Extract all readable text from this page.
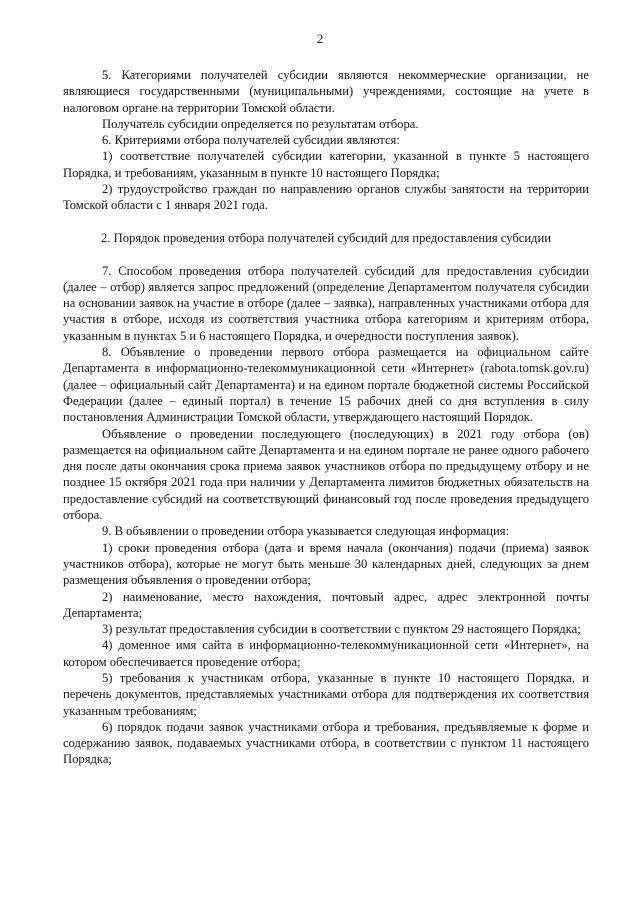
2

5. Категориями получателей субсидии являются некоммерческие организации, не являющиеся государственными (муниципальными) учреждениями, состоящие на учете в налоговом органе на территории Томской области.

Получатель субсидии определяется по результатам отбора.

6. Критериями отбора получателей субсидии являются:

1) соответствие получателей субсидии категории, указанной в пункте 5 настоящего Порядка, и требованиям, указанным в пункте 10 настоящего Порядка;

2) трудоустройство граждан по направлению органов службы занятости на территории Томской области с 1 января 2021 года.

2. Порядок проведения отбора получателей субсидий для предоставления субсидии

7. Способом проведения отбора получателей субсидий для предоставления субсидии (далее – отбор) является запрос предложений (определение Департаментом получателя субсидии на основании заявок на участие в отборе (далее – заявка), направленных участниками отбора для участия в отборе, исходя из соответствия участника отбора категориям и критериям отбора, указанным в пунктах 5 и 6 настоящего Порядка, и очередности поступления заявок).

8. Объявление о проведении первого отбора размещается на официальном сайте Департамента в информационно-телекоммуникационной сети «Интернет» (rabota.tomsk.gov.ru) (далее – официальный сайт Департамента) и на едином портале бюджетной системы Российской Федерации (далее – единый портал) в течение 15 рабочих дней со дня вступления в силу постановления Администрации Томской области, утверждающего настоящий Порядок.

Объявление о проведении последующего (последующих) в 2021 году отбора (ов) размещается на официальном сайте Департамента и на едином портале не ранее одного рабочего дня после даты окончания срока приема заявок участников отбора по предыдущему отбору и не позднее 15 октября 2021 года при наличии у Департамента лимитов бюджетных обязательств на предоставление субсидий на соответствующий финансовый год после проведения предыдущего отбора.

9. В объявлении о проведении отбора указывается следующая информация:

1) сроки проведения отбора (дата и время начала (окончания) подачи (приема) заявок участников отбора), которые не могут быть меньше 30 календарных дней, следующих за днем размещения объявления о проведении отбора;

2) наименование, место нахождения, почтовый адрес, адрес электронной почты Департамента;

3) результат предоставления субсидии в соответствии с пунктом 29 настоящего Порядка;

4) доменное имя сайта в информационно-телекоммуникационной сети «Интернет», на котором обеспечивается проведение отбора;

5) требования к участникам отбора, указанные в пункте 10 настоящего Порядка, и перечень документов, представляемых участниками отбора для подтверждения их соответствия указанным требованиям;

6) порядок подачи заявок участниками отбора и требования, предъявляемые к форме и содержанию заявок, подаваемых участниками отбора, в соответствии с пунктом 11 настоящего Порядка;
